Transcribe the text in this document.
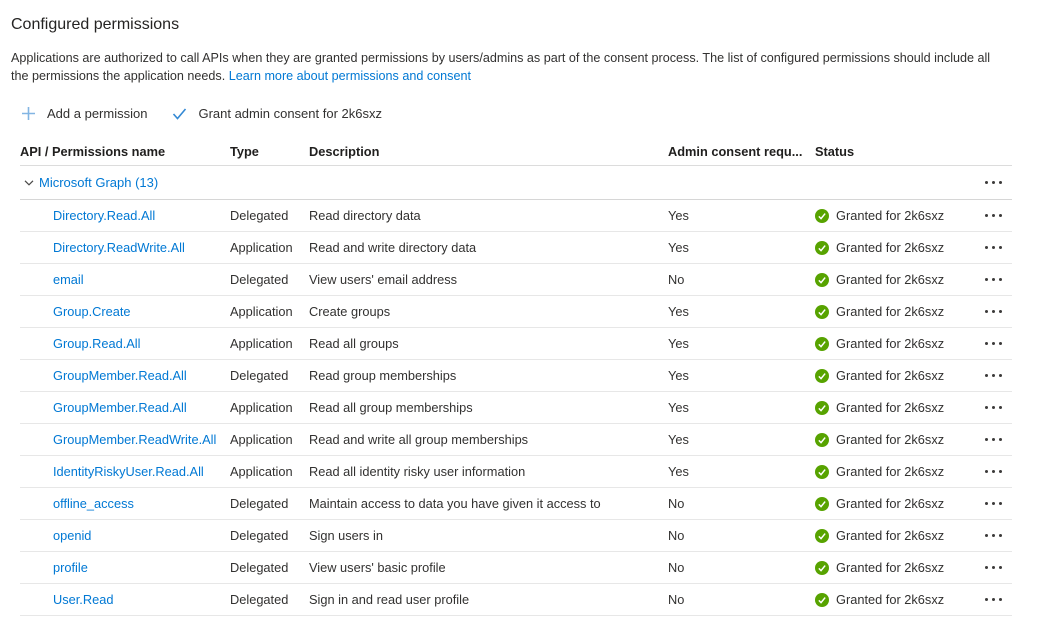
Configured permissions
Applications are authorized to call APIs when they are granted permissions by users/admins as part of the consent process. The list of configured permissions should include all the permissions the application needs. Learn more about permissions and consent
Add a permission	Grant admin consent for 2k6sxz
API / Permissions name	Type	Description	Admin consent requ... Status
Microsoft Graph (13)
Directory.Read.All	Delegated	Read directory data	Yes	Granted for 2k6sxz
Directory.ReadWrite.All	Application	Read and write directory data	Yes	Granted for 2k6sxz
email	Delegated	View users' email address	No	Granted for 2k6sxz
Group.Create	Application	Create groups	Yes	Granted for 2k6sxz
Group.Read.All	Application	Read all groups	Yes	Granted for 2k6sxz
GroupMember.Read.All	Delegated	Read group memberships	Yes	Granted for 2k6sxz
GroupMember.Read.All	Application	Read all group memberships	Yes	Granted for 2k6sxz
GroupMember.ReadWrite.All	Application	Read and write all group memberships	Yes	Granted for 2k6sxz
IdentityRiskyUser.Read.All	Application	Read all identity risky user information	Yes	Granted for 2k6sxz
offline_access	Delegated	Maintain access to data you have given it access to	No	Granted for 2k6sxz
openid	Delegated	Sign users in	No	Granted for 2k6sxz
profile	Delegated	View users' basic profile	No	Granted for 2k6sxz
User.Read	Delegated	Sign in and read user profile	No	Granted for 2k6sxz
